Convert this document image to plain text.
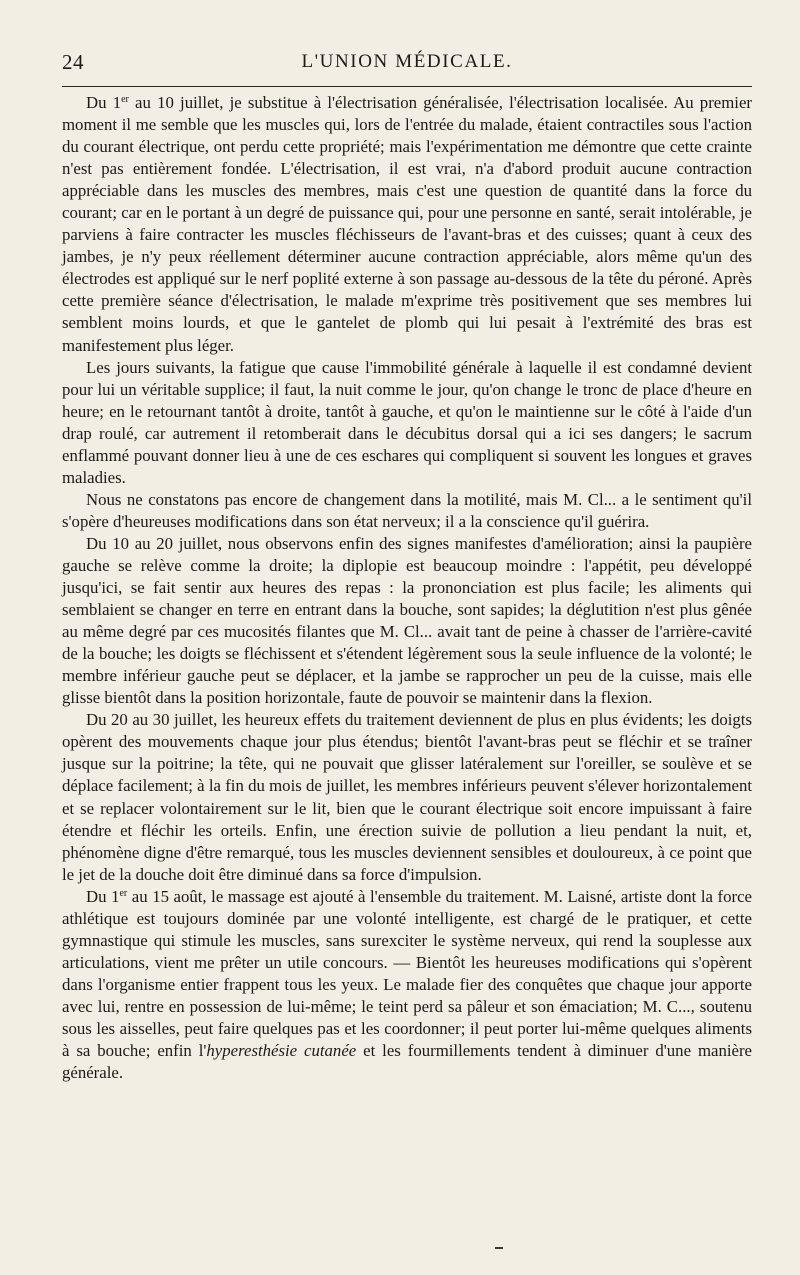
24	L'UNION MÉDICALE.

Du 1er au 10 juillet, je substitue à l'électrisation généralisée, l'électrisation localisée. Au premier moment il me semble que les muscles qui, lors de l'entrée du malade, étaient contractiles sous l'action du courant électrique, ont perdu cette propriété; mais l'expérimentation me démontre que cette crainte n'est pas entièrement fondée. L'électrisation, il est vrai, n'a d'abord produit aucune contraction appréciable dans les muscles des membres, mais c'est une question de quantité dans la force du courant; car en le portant à un degré de puissance qui, pour une personne en santé, serait intolérable, je parviens à faire contracter les muscles fléchisseurs de l'avant-bras et des cuisses; quant à ceux des jambes, je n'y peux réellement déterminer aucune contraction appréciable, alors même qu'un des électrodes est appliqué sur le nerf poplité externe à son passage au-dessous de la tête du péroné. Après cette première séance d'électrisation, le malade m'exprime très positivement que ses membres lui semblent moins lourds, et que le gantelet de plomb qui lui pesait à l'extrémité des bras est manifestement plus léger.

Les jours suivants, la fatigue que cause l'immobilité générale à laquelle il est condamné devient pour lui un véritable supplice; il faut, la nuit comme le jour, qu'on change le tronc de place d'heure en heure; en le retournant tantôt à droite, tantôt à gauche, et qu'on le maintienne sur le côté à l'aide d'un drap roulé, car autrement il retomberait dans le décubitus dorsal qui a ici ses dangers; le sacrum enflammé pouvant donner lieu à une de ces eschares qui compliquent si souvent les longues et graves maladies.

Nous ne constatons pas encore de changement dans la motilité, mais M. Cl... a le sentiment qu'il s'opère d'heureuses modifications dans son état nerveux; il a la conscience qu'il guérira.

Du 10 au 20 juillet, nous observons enfin des signes manifestes d'amélioration; ainsi la paupière gauche se relève comme la droite; la diplopie est beaucoup moindre : l'appétit, peu développé jusqu'ici, se fait sentir aux heures des repas : la prononciation est plus facile; les aliments qui semblaient se changer en terre en entrant dans la bouche, sont sapides; la déglutition n'est plus gênée au même degré par ces mucosités filantes que M. Cl... avait tant de peine à chasser de l'arrière-cavité de la bouche; les doigts se fléchissent et s'étendent légèrement sous la seule influence de la volonté; le membre inférieur gauche peut se déplacer, et la jambe se rapprocher un peu de la cuisse, mais elle glisse bientôt dans la position horizontale, faute de pouvoir se maintenir dans la flexion.

Du 20 au 30 juillet, les heureux effets du traitement deviennent de plus en plus évidents; les doigts opèrent des mouvements chaque jour plus étendus; bientôt l'avant-bras peut se fléchir et se traîner jusque sur la poitrine; la tête, qui ne pouvait que glisser latéralement sur l'oreiller, se soulève et se déplace facilement; à la fin du mois de juillet, les membres inférieurs peuvent s'élever horizontalement et se replacer volontairement sur le lit, bien que le courant électrique soit encore impuissant à faire étendre et fléchir les orteils. Enfin, une érection suivie de pollution a lieu pendant la nuit, et, phénomène digne d'être remarqué, tous les muscles deviennent sensibles et douloureux, à ce point que le jet de la douche doit être diminué dans sa force d'impulsion.

Du 1er au 15 août, le massage est ajouté à l'ensemble du traitement. M. Laisné, artiste dont la force athlétique est toujours dominée par une volonté intelligente, est chargé de le pratiquer, et cette gymnastique qui stimule les muscles, sans surexciter le système nerveux, qui rend la souplesse aux articulations, vient me prêter un utile concours. — Bientôt les heureuses modifications qui s'opèrent dans l'organisme entier frappent tous les yeux. Le malade fier des conquêtes que chaque jour apporte avec lui, rentre en possession de lui-même; le teint perd sa pâleur et son émaciation; M. C..., soutenu sous les aisselles, peut faire quelques pas et les coordonner; il peut porter lui-même quelques aliments à sa bouche; enfin l'hyperesthésie cutanée et les fourmillements tendent à diminuer d'une manière générale.
